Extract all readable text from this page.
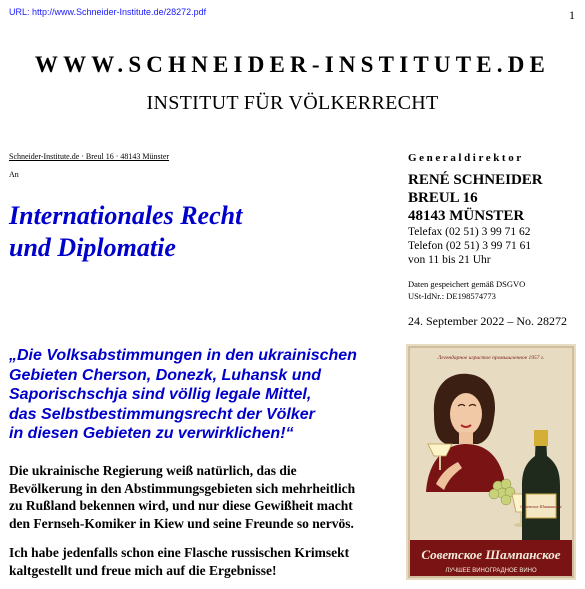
URL: http://www.Schneider-Institute.de/28272.pdf	1
WWW.SCHNEIDER-INSTITUTE.DE
INSTITUT FÜR VÖLKERRECHT
Schneider-Institute.de · Breul 16 · 48143 Münster
An
Internationales Recht
und Diplomatie
Generaldirektor
RENÉ SCHNEIDER
BREUL 16
48143 MÜNSTER
Telefax (02 51) 3 99 71 62
Telefon (02 51) 3 99 71 61
von 11 bis 21 Uhr
Daten gespeichert gemäß DSGVO
USt-IdNr.: DE198574773
24. September 2022 – No. 28272
„Die Volksabstimmungen in den ukrainischen
Gebieten Cherson, Donezk, Luhansk und
Saporischschja sind völlig legale Mittel,
das Selbstbestimmungsrecht der Völker
in diesen Gebieten zu verwirklichen!“
Die ukrainische Regierung weiß natürlich, das die
Bevölkerung in den Abstimmungsgebieten sich mehrheitlich
zu Rußland bekennen wird, und nur diese Gewißheit macht
den Fernseh-Komiker in Kiew und seine Freunde so nervös.
Ich habe jedenfalls schon eine Flasche russischen Krimsekt
kaltgestellt und freue mich auf die Ergebnisse!
Легендарное игристое промышленное 1957 г.
Советское Шампанское
Советское Шампанское
ЛУЧШЕЕ ВИНОГРАДНОЕ ВИНО
